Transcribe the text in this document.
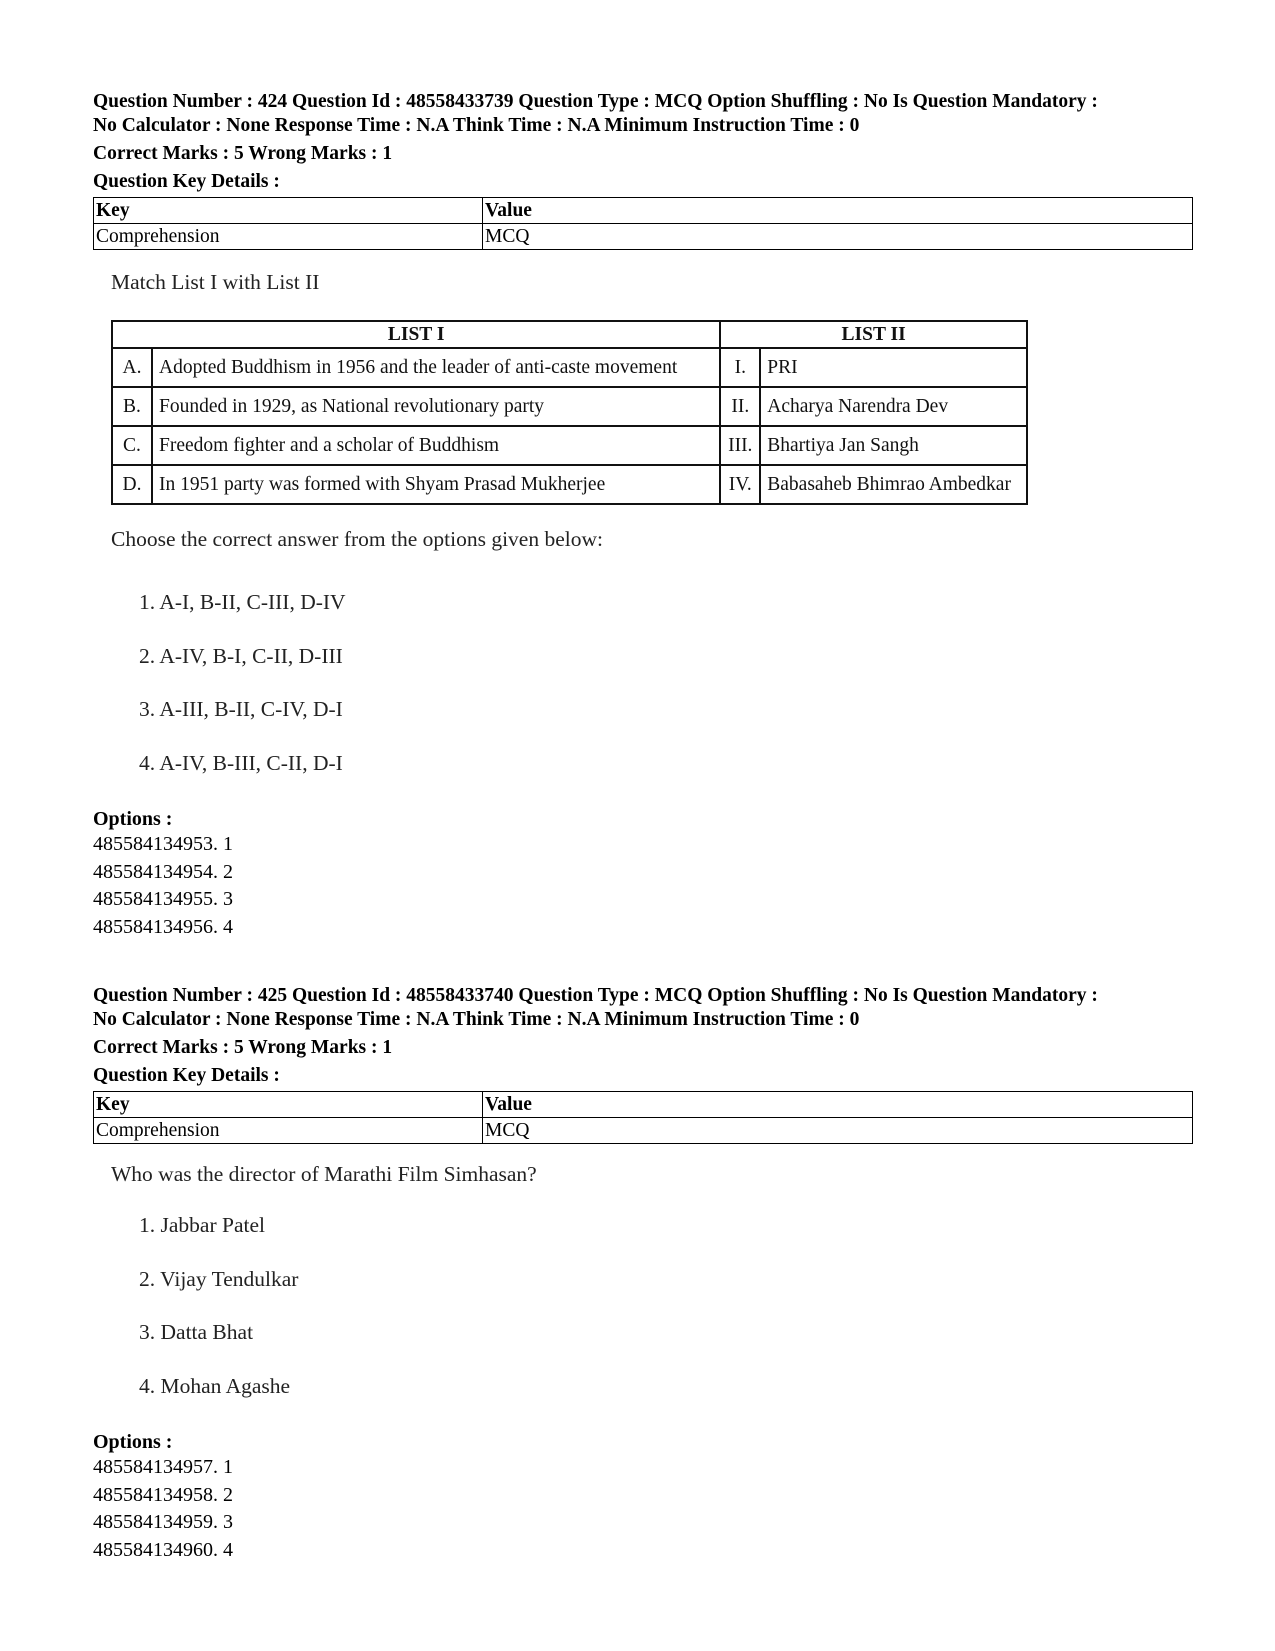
Question Number : 424 Question Id : 48558433739 Question Type : MCQ Option Shuffling : No Is Question Mandatory :
No Calculator : None Response Time : N.A Think Time : N.A Minimum Instruction Time : 0
Correct Marks : 5 Wrong Marks : 1
Question Key Details :
Key	Value
Comprehension	MCQ
Match List I with List II
LIST I		LIST II	
A.	Adopted Buddhism in 1956 and the leader of anti-caste movement	I.	PRI
B.	Founded in 1929, as National revolutionary party	II.	Acharya Narendra Dev
C.	Freedom fighter and a scholar of Buddhism	III.	Bhartiya Jan Sangh
D.	In 1951 party was formed with Shyam Prasad Mukherjee	IV.	Babasaheb Bhimrao Ambedkar
Choose the correct answer from the options given below:
1. A-I, B-II, C-III, D-IV
2. A-IV, B-I, C-II, D-III
3. A-III, B-II, C-IV, D-I
4. A-IV, B-III, C-II, D-I
Options :
485584134953. 1
485584134954. 2
485584134955. 3
485584134956. 4
Question Number : 425 Question Id : 48558433740 Question Type : MCQ Option Shuffling : No Is Question Mandatory :
No Calculator : None Response Time : N.A Think Time : N.A Minimum Instruction Time : 0
Correct Marks : 5 Wrong Marks : 1
Question Key Details :
Key	Value
Comprehension	MCQ
Who was the director of Marathi Film Simhasan?
1. Jabbar Patel
2. Vijay Tendulkar
3. Datta Bhat
4. Mohan Agashe
Options :
485584134957. 1
485584134958. 2
485584134959. 3
485584134960. 4
